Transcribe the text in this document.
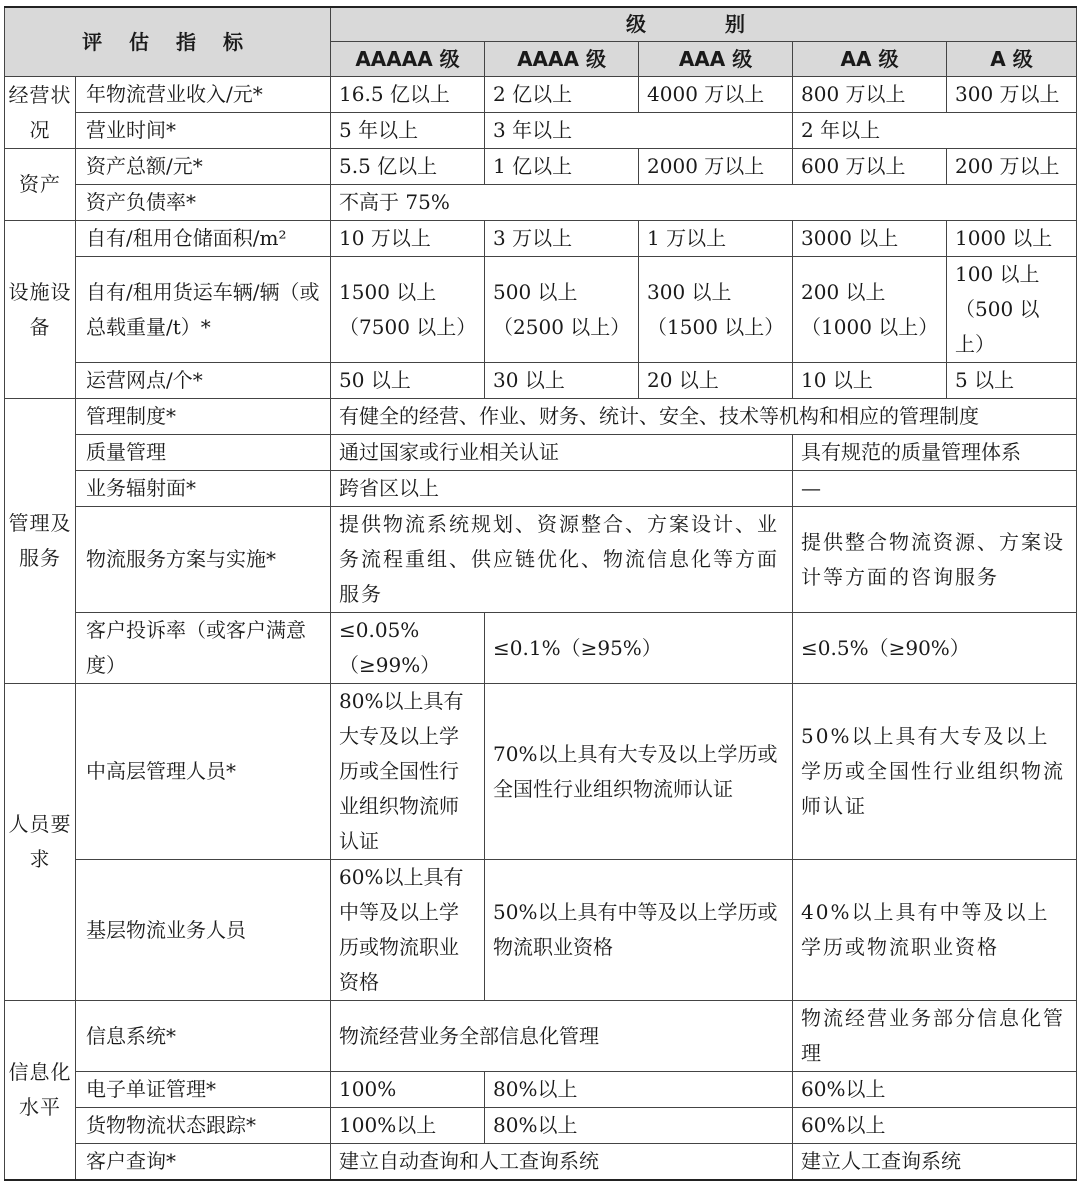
评 估 指 标		级 别				
		AAAAA 级	AAAA 级	AAA 级	AA 级	A 级
经营状况	年物流营业收入/元*	16.5 亿以上	2 亿以上	4000 万以上	800 万以上	300 万以上
	营业时间*	5 年以上	3 年以上		2 年以上	
资产	资产总额/元*	5.5 亿以上	1 亿以上	2000 万以上	600 万以上	200 万以上
	资产负债率*	不高于 75%				
设施设备	自有/租用仓储面积/m²	10 万以上	3 万以上	1 万以上	3000 以上	1000 以上
	自有/租用货运车辆/辆（或总载重量/t）*	1500 以上（7500 以上）	500 以上（2500 以上）	300 以上（1500 以上）	200 以上（1000 以上）	100 以上（500 以上）
	运营网点/个*	50 以上	30 以上	20 以上	10 以上	5 以上
管理及服务	管理制度*	有健全的经营、作业、财务、统计、安全、技术等机构和相应的管理制度				
	质量管理	通过国家或行业相关认证			具有规范的质量管理体系	
	业务辐射面*	跨省区以上			—	
	物流服务方案与实施*	提供物流系统规划、资源整合、方案设计、业务流程重组、供应链优化、物流信息化等方面服务			提供整合物流资源、方案设计等方面的咨询服务	
	客户投诉率（或客户满意度）	≤0.05%（≥99%）	≤0.1%（≥95%）		≤0.5%（≥90%）	
人员要求	中高层管理人员*	80%以上具有大专及以上学历或全国性行业组织物流师认证	70%以上具有大专及以上学历或全国性行业组织物流师认证		50%以上具有大专及以上学历或全国性行业组织物流师认证	
	基层物流业务人员	60%以上具有中等及以上学历或物流职业资格	50%以上具有中等及以上学历或物流职业资格		40%以上具有中等及以上学历或物流职业资格	
信息化水平	信息系统*	物流经营业务全部信息化管理			物流经营业务部分信息化管理	
	电子单证管理*	100%	80%以上		60%以上	
	货物物流状态跟踪*	100%以上	80%以上		60%以上	
	客户查询*	建立自动查询和人工查询系统			建立人工查询系统	
